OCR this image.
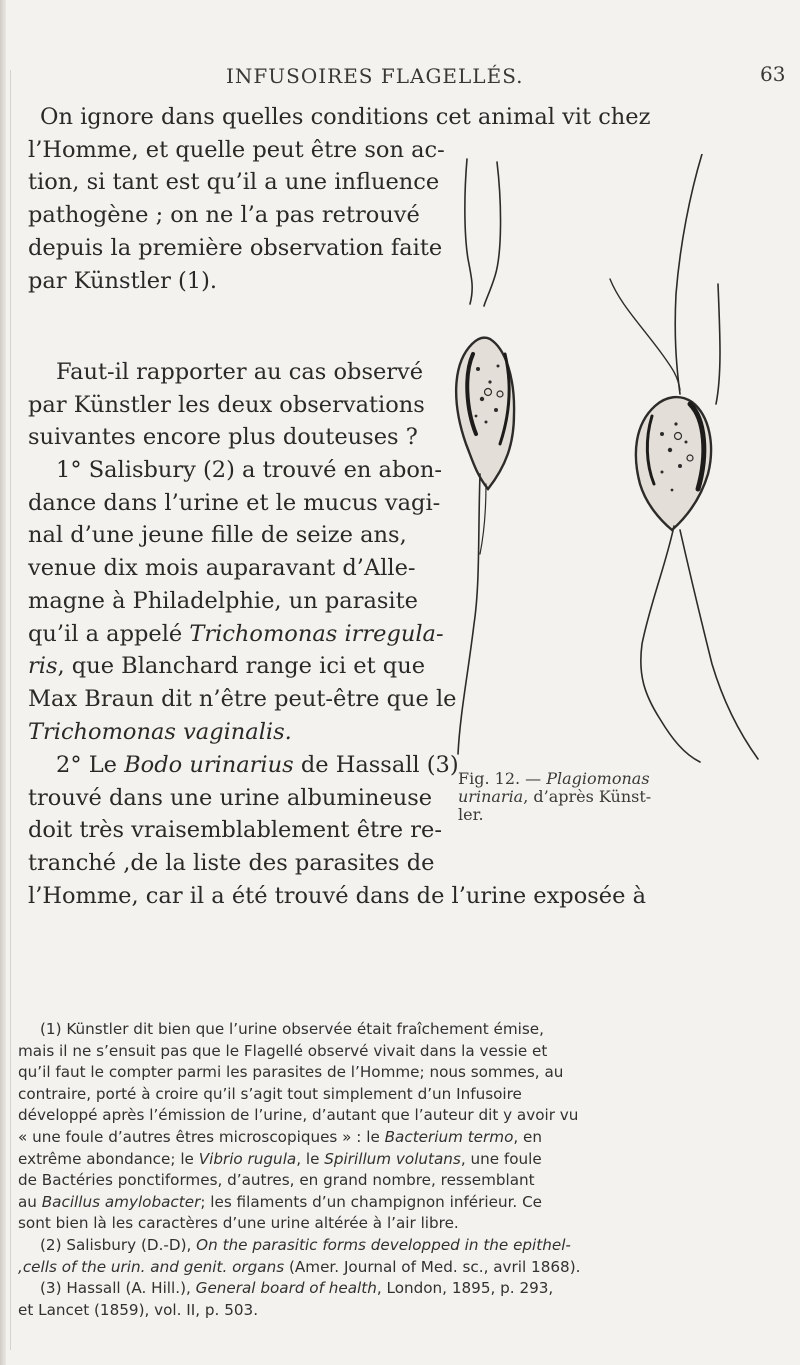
INFUSOIRES FLAGELLÉS.	63
On ignore dans quelles conditions cet animal vit chez
l’Homme, et quelle peut être son ac-
tion, si tant est qu’il a une influence
pathogène ; on ne l’a pas retrouvé
depuis la première observation faite
par Künstler (1).
Faut-il rapporter au cas observé
par Künstler les deux observations
suivantes encore plus douteuses ?
1° Salisbury (2) a trouvé en abon-
dance dans l’urine et le mucus vagi-
nal d’une jeune fille de seize ans,
venue dix mois auparavant d’Alle-
magne à Philadelphie, un parasite
qu’il a appelé Trichomonas irregula-
ris, que Blanchard range ici et que
Max Braun dit n’être peut-être que le
Trichomonas vaginalis.
2° Le Bodo urinarius de Hassall (3)
trouvé dans une urine albumineuse
doit très vraisemblablement être re-
tranché ,de la liste des parasites de
l’Homme, car il a été trouvé dans de l’urine exposée à
Fig. 12. — Plagiomonas
urinaria, d’après Künst-
ler.
(1) Künstler dit bien que l’urine observée était fraîchement émise,
mais il ne s’ensuit pas que le Flagellé observé vivait dans la vessie et
qu’il faut le compter parmi les parasites de l’Homme; nous sommes, au
contraire, porté à croire qu’il s’agit tout simplement d’un Infusoire
développé après l’émission de l’urine, d’autant que l’auteur dit y avoir vu
« une foule d’autres êtres microscopiques » : le Bacterium termo, en
extrême abondance; le Vibrio rugula, le Spirillum volutans, une foule
de Bactéries ponctiformes, d’autres, en grand nombre, ressemblant
au Bacillus amylobacter; les filaments d’un champignon inférieur. Ce
sont bien là les caractères d’une urine altérée à l’air libre.
(2) Salisbury (D.-D), On the parasitic forms developped in the epithel-
,cells of the urin. and genit. organs (Amer. Journal of Med. sc., avril 1868).
(3) Hassall (A. Hill.), General board of health, London, 1895, p. 293,
et Lancet (1859), vol. II, p. 503.
